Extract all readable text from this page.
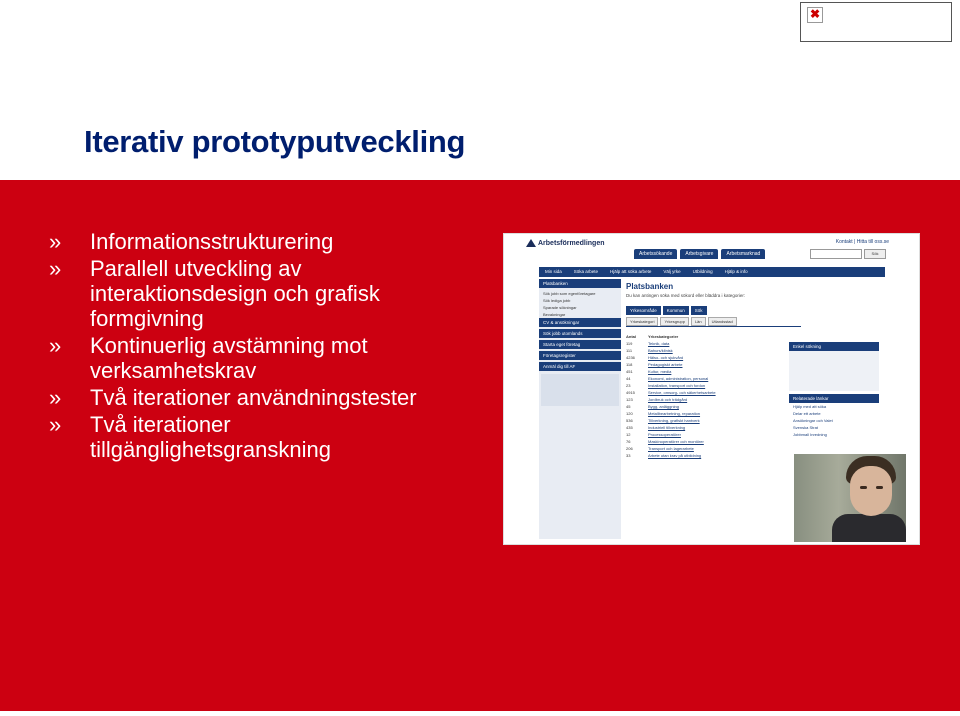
✖
Iterativ prototyputveckling
» Informationsstrukturering
» Parallell utveckling av interaktionsdesign och grafisk formgivning
» Kontinuerlig avstämning mot verksamhetskrav
» Två iterationer användningstester
» Två iterationer tillgänglighetsgranskning
Arbetsförmedlingen	Kontakt | Hitta till oss.se
Arbetssökande	Arbetsgivare	Arbetsmarknad	Sök
Min sida	Söka arbete	Hjälp att söka arbete	Välj yrke	Utbildning	Hjälp & info
Platsbanken
Sök jobb som egenföretagare
Sök lediga jobb
Sparade sökningar
Bevakningar
CV & ansökningar
Sök jobb utomlands
Starta eget företag
Företagsregister
Anmäl dig till AF
Platsbanken
Du kan antingen söka med sökord eller bläddra i kategorier:
Yrkesområde Kommun Sök
Yrkeskategori	Yrkesgrupp	Län	Utlandsstad
Antal	Yrkeskategorier
119	Teknik, data
111	Bahurs/klinisk
4236	Hälso- och sjukvård
118	Pedagogiskt arbete
451	Kultur, media
44	Ekonomi, administration, personal
23	Installation, transport och fordon
4915	Service, omsorg- och säkerhetsarbete
123	Jordbruk och trädgård
45	Bygg, anläggning
120	Metallbearbetning, reparation
536	Tillverkning, grafiskt hantverk
435	Industriell tillverkning
12	Processoperatörer
76	Maskinoperatörer och montörer
206	Transport och lagerarbete
33	Arbete utan krav på utbildning
Enkel sökning
Relaterade länkar
Hjälp med att söka
Delar ett arbete
Ansökningar och Valet
Svenska Strat
Jobbmall Inredning
